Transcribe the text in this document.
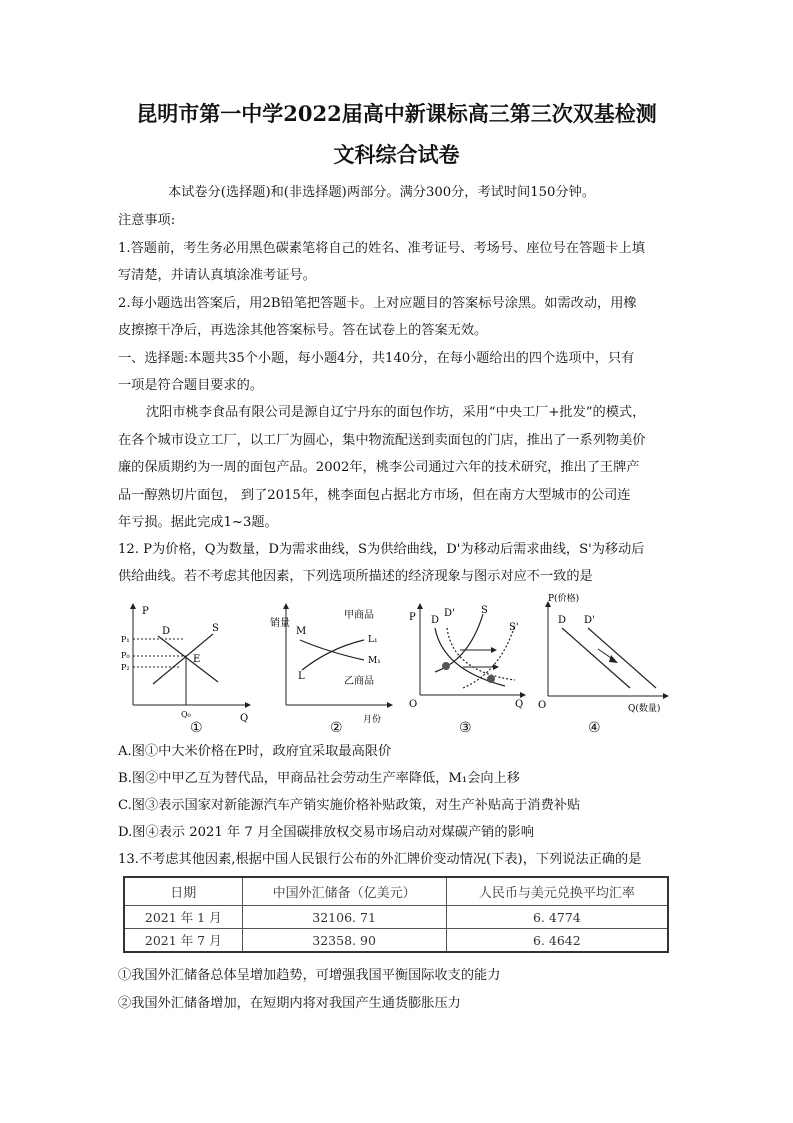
昆明市第一中学2022届高中新课标高三第三次双基检测
文科综合试卷
本试卷分(选择题)和(非选择题)两部分。满分300分，考试时间150分钟。
注意事项:
1.答题前，考生务必用黑色碳素笔将自己的姓名、准考证号、考场号、座位号在答题卡上填
写清楚，并请认真填涂准考证号。
2.每小题选出答案后，用2B铅笔把答题卡。上对应题目的答案标号涂黑。如需改动，用橡
皮擦擦干净后，再选涂其他答案标号。答在试卷上的答案无效。
一、选择题:本题共35个小题，每小题4分，共140分，在每小题给出的四个选项中，只有
一项是符合题目要求的。
沈阳市桃李食品有限公司是源自辽宁丹东的面包作坊，采用“中央工厂+批发”的模式，
在各个城市设立工厂，以工厂为圆心，集中物流配送到卖面包的门店，推出了一系列物美价
廉的保质期约为一周的面包产品。2002年，桃李公司通过六年的技术研究，推出了王牌产
品一醇熟切片面包， 到了2015年，桃李面包占据北方市场，但在南方大型城市的公司连
年亏损。据此完成1~3题。
12. P为价格，Q为数量，D为需求曲线，S为供给曲线，D'为移动后需求曲线，S'为移动后
供给曲线。若不考虑其他因素，下列选项所描述的经济现象与图示对应不一致的是
P
D	S
E
P₁
P₀
P₂
Q₀	Q
①
销量
甲商品
乙商品
M
L
L₁
M₁
月份
②
P
O	Q
D
D'	S
S'
③
P(价格)
O	Q(数量)
D D'
④
A.图①中大米价格在P时，政府宜采取最高限价
B.图②中甲乙互为替代品，甲商品社会劳动生产率降低，M₁会向上移
C.图③表示国家对新能源汽车产销实施价格补贴政策，对生产补贴高于消费补贴
D.图④表示 2021 年 7 月全国碳排放权交易市场启动对煤碳产销的影响
13.不考虑其他因素,根据中国人民银行公布的外汇牌价变动情况(下表)，下列说法正确的是
日期	中国外汇储备（亿美元）	人民币与美元兑换平均汇率
2021 年 1 月	32106. 71	6. 4774
2021 年 7 月	32358. 90	6. 4642
①我国外汇储备总体呈增加趋势，可增强我国平衡国际收支的能力
②我国外汇储备增加，在短期内将对我国产生通货膨胀压力
